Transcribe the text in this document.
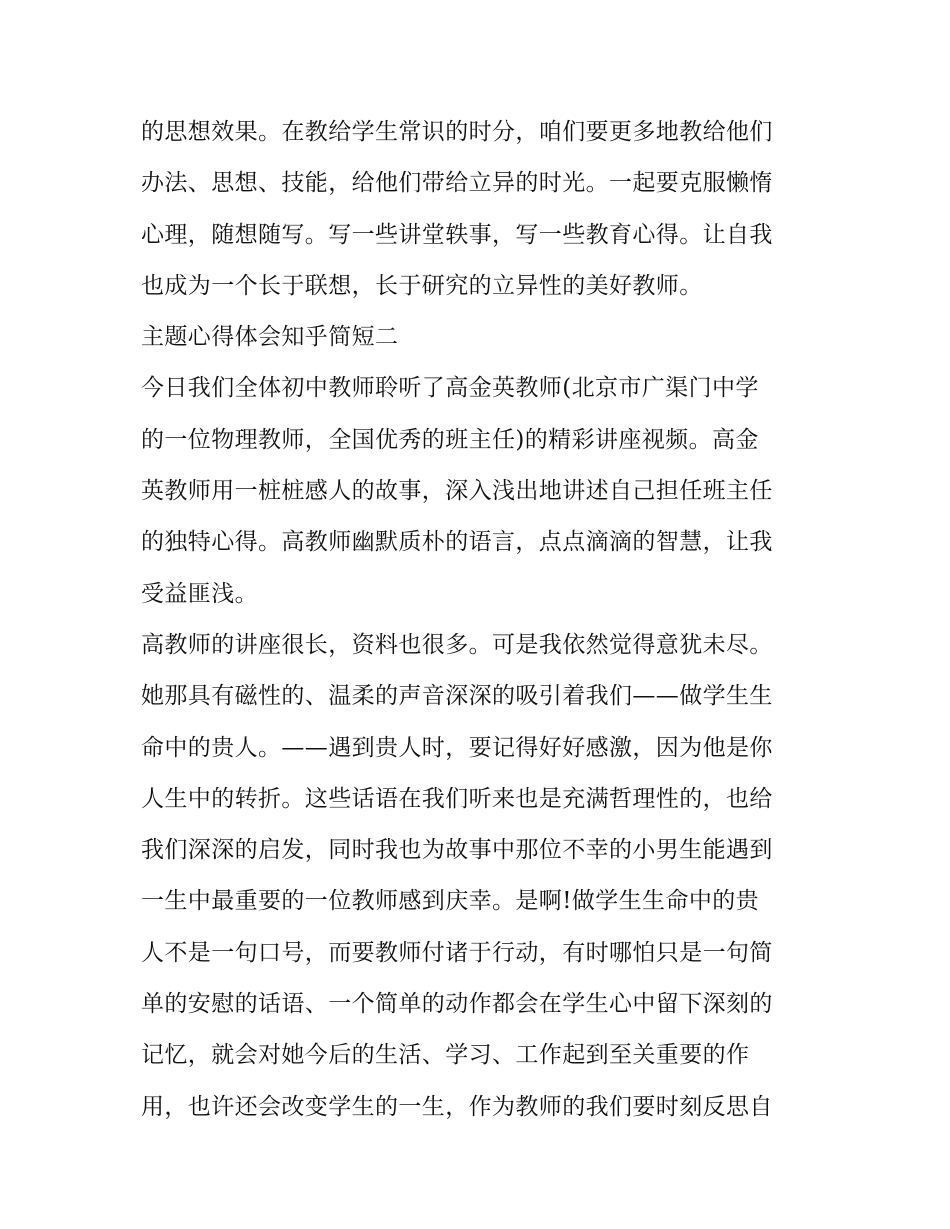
的思想效果。在教给学生常识的时分，咱们要更多地教给他们
办法、思想、技能，给他们带给立异的时光。一起要克服懒惰
心理，随想随写。写一些讲堂轶事，写一些教育心得。让自我
也成为一个长于联想，长于研究的立异性的美好教师。
主题心得体会知乎简短二
今日我们全体初中教师聆听了高金英教师(北京市广渠门中学
的一位物理教师，全国优秀的班主任)的精彩讲座视频。高金
英教师用一桩桩感人的故事，深入浅出地讲述自己担任班主任
的独特心得。高教师幽默质朴的语言，点点滴滴的智慧，让我
受益匪浅。
高教师的讲座很长，资料也很多。可是我依然觉得意犹未尽。
她那具有磁性的、温柔的声音深深的吸引着我们——做学生生
命中的贵人。——遇到贵人时，要记得好好感激，因为他是你
人生中的转折。这些话语在我们听来也是充满哲理性的，也给
我们深深的启发，同时我也为故事中那位不幸的小男生能遇到
一生中最重要的一位教师感到庆幸。是啊!做学生生命中的贵
人不是一句口号，而要教师付诸于行动，有时哪怕只是一句简
单的安慰的话语、一个简单的动作都会在学生心中留下深刻的
记忆，就会对她今后的生活、学习、工作起到至关重要的作
用，也许还会改变学生的一生，作为教师的我们要时刻反思自
